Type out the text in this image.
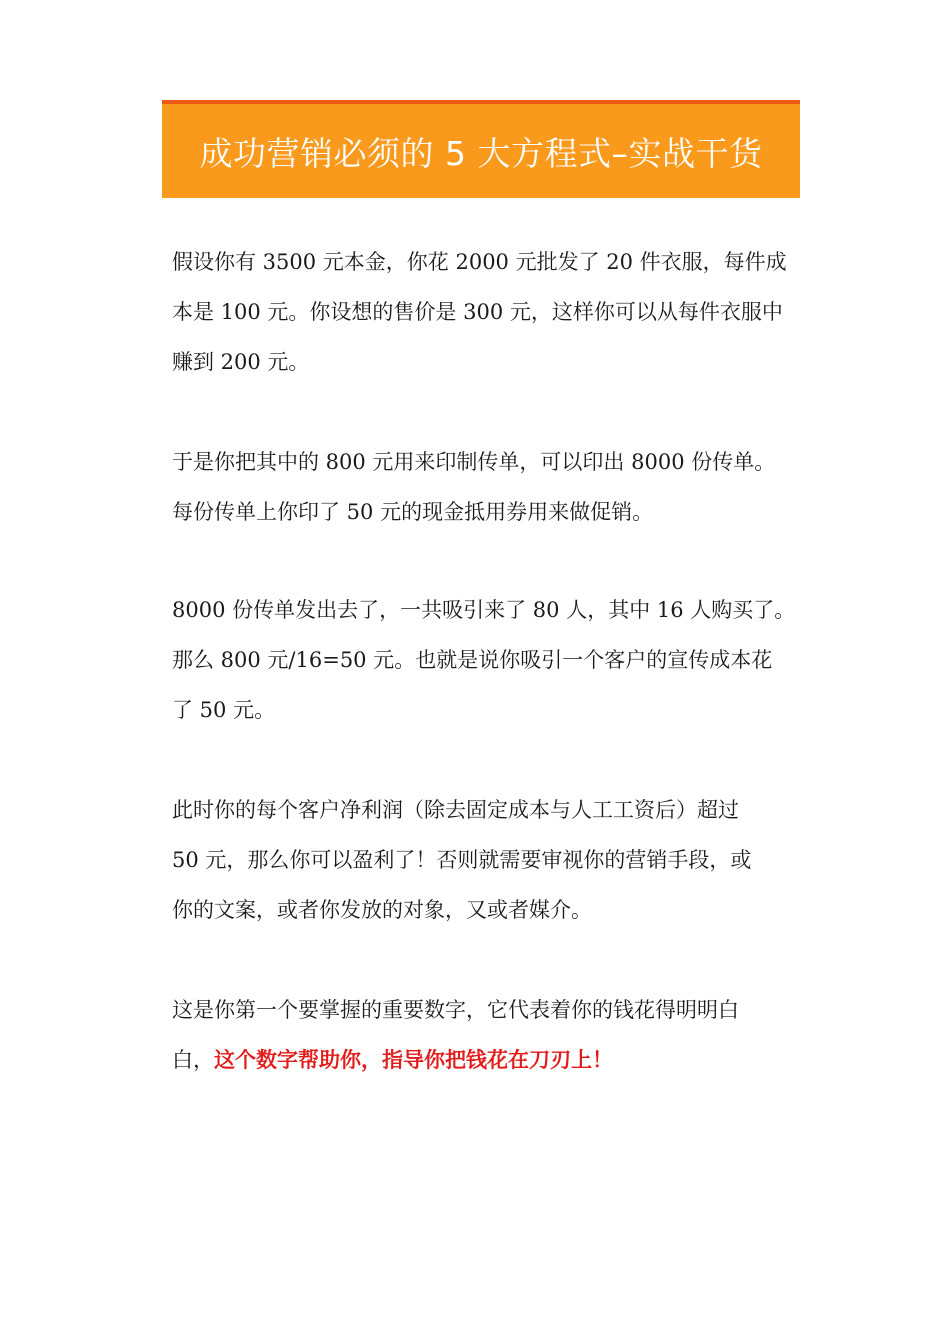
成功营销必须的 5 大方程式–实战干货

假设你有 3500 元本金，你花 2000 元批发了 20 件衣服，每件成
本是 100 元。你设想的售价是 300 元，这样你可以从每件衣服中
赚到 200 元。

于是你把其中的 800 元用来印制传单，可以印出 8000 份传单。
每份传单上你印了 50 元的现金抵用券用来做促销。

8000 份传单发出去了，一共吸引来了 80 人，其中 16 人购买了。
那么 800 元/16=50 元。也就是说你吸引一个客户的宣传成本花
了 50 元。

此时你的每个客户净利润（除去固定成本与人工工资后）超过
50 元，那么你可以盈利了！否则就需要审视你的营销手段，或
你的文案，或者你发放的对象，又或者媒介。

这是你第一个要掌握的重要数字，它代表着你的钱花得明明白
白，这个数字帮助你，指导你把钱花在刀刃上！
